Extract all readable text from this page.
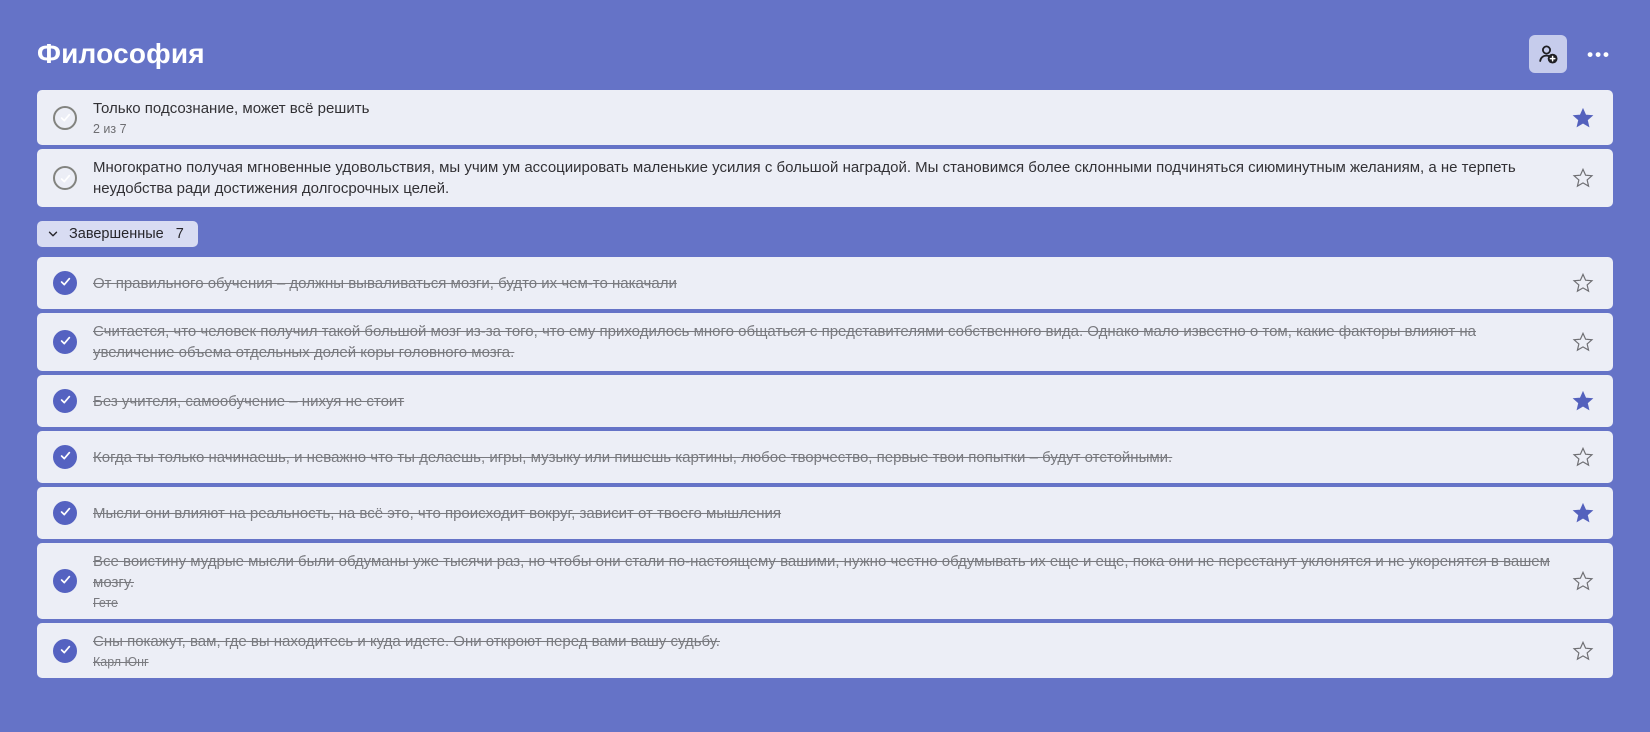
Философия	•••
Только подсознание, может всё решить
2 из 7
Многократно получая мгновенные удовольствия, мы учим ум ассоциировать маленькие усилия с большой наградой. Мы становимся более склонными подчиняться сиюминутным желаниям, а не терпеть неудобства ради достижения долгосрочных целей.
Завершенные 7
От правильного обучения – должны вываливаться мозги, будто их чем-то накачали
Считается, что человек получил такой большой мозг из-за того, что ему приходилось много общаться с представителями собственного вида. Однако мало известно о том, какие факторы влияют на увеличение объема отдельных долей коры головного мозга.
Без учителя, самообучение – нихуя не стоит
Когда ты только начинаешь, и неважно что ты делаешь, игры, музыку или пишешь картины, любое творчество, первые твои попытки – будут отстойными.
Мысли они влияют на реальность, на всё это, что происходит вокруг, зависит от твоего мышления
Все воистину мудрые мысли были обдуманы уже тысячи раз, но чтобы они стали по-настоящему вашими, нужно честно обдумывать их еще и еще, пока они не перестанут уклонятся и не укоренятся в вашем мозгу.
Гете
Сны покажут, вам, где вы находитесь и куда идете. Они откроют перед вами вашу судьбу.
Карл Юнг
